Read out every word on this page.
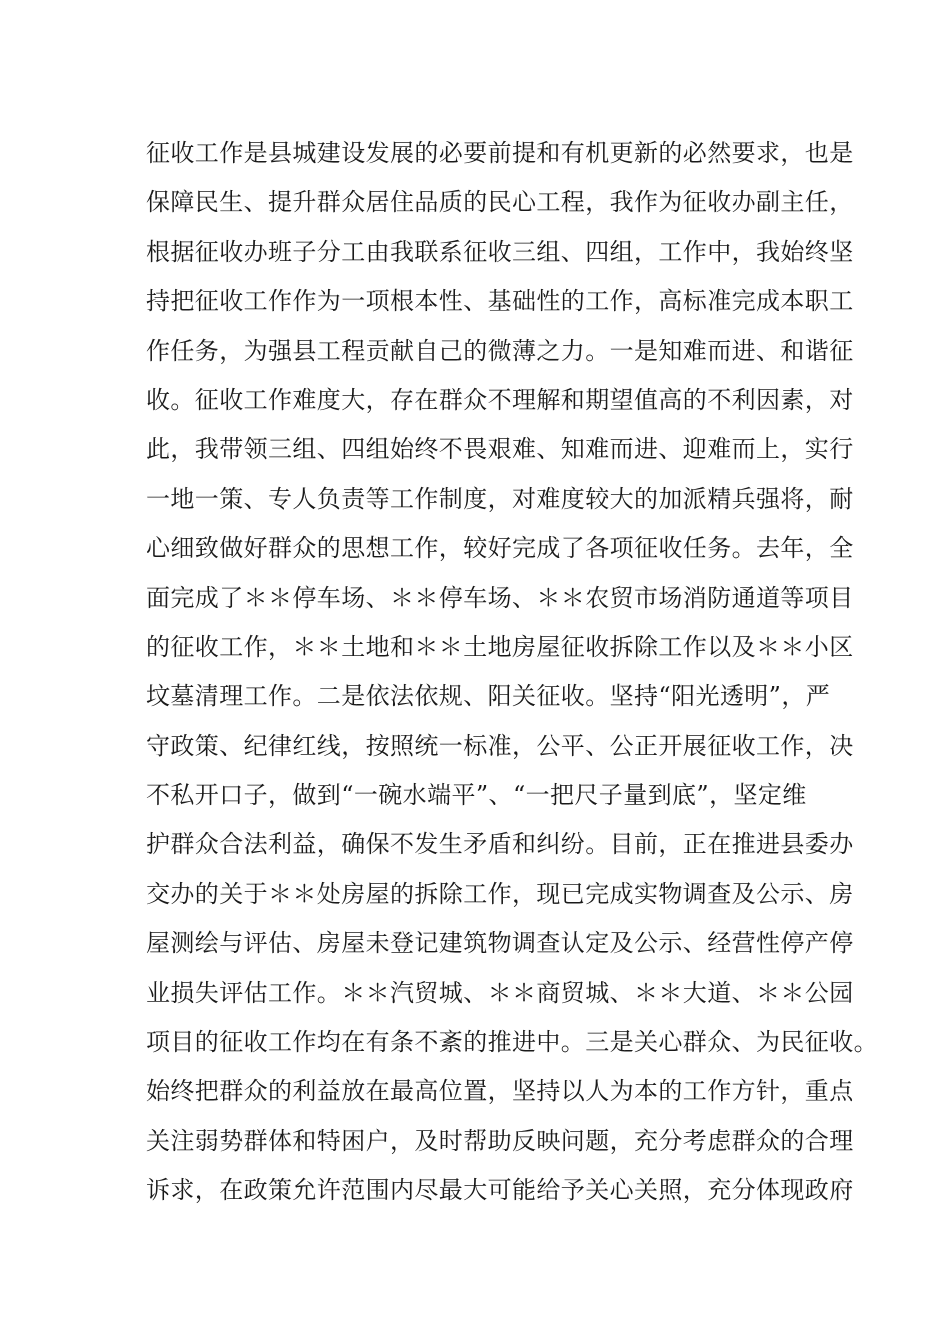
征收工作是县城建设发展的必要前提和有机更新的必然要求，也是
保障民生、提升群众居住品质的民心工程，我作为征收办副主任，
根据征收办班子分工由我联系征收三组、四组，工作中，我始终坚
持把征收工作作为一项根本性、基础性的工作，高标准完成本职工
作任务，为强县工程贡献自己的微薄之力。一是知难而进、和谐征
收。征收工作难度大，存在群众不理解和期望值高的不利因素，对
此，我带领三组、四组始终不畏艰难、知难而进、迎难而上，实行
一地一策、专人负责等工作制度，对难度较大的加派精兵强将，耐
心细致做好群众的思想工作，较好完成了各项征收任务。去年，全
面完成了＊＊停车场、＊＊停车场、＊＊农贸市场消防通道等项目
的征收工作，＊＊土地和＊＊土地房屋征收拆除工作以及＊＊小区
坟墓清理工作。二是依法依规、阳关征收。坚持“阳光透明”，严
守政策、纪律红线，按照统一标准，公平、公正开展征收工作，决
不私开口子，做到“一碗水端平”、“一把尺子量到底”，坚定维
护群众合法利益，确保不发生矛盾和纠纷。目前，正在推进县委办
交办的关于＊＊处房屋的拆除工作，现已完成实物调查及公示、房
屋测绘与评估、房屋未登记建筑物调查认定及公示、经营性停产停
业损失评估工作。＊＊汽贸城、＊＊商贸城、＊＊大道、＊＊公园
项目的征收工作均在有条不紊的推进中。三是关心群众、为民征收。
始终把群众的利益放在最高位置，坚持以人为本的工作方针，重点
关注弱势群体和特困户，及时帮助反映问题，充分考虑群众的合理
诉求，在政策允许范围内尽最大可能给予关心关照，充分体现政府
